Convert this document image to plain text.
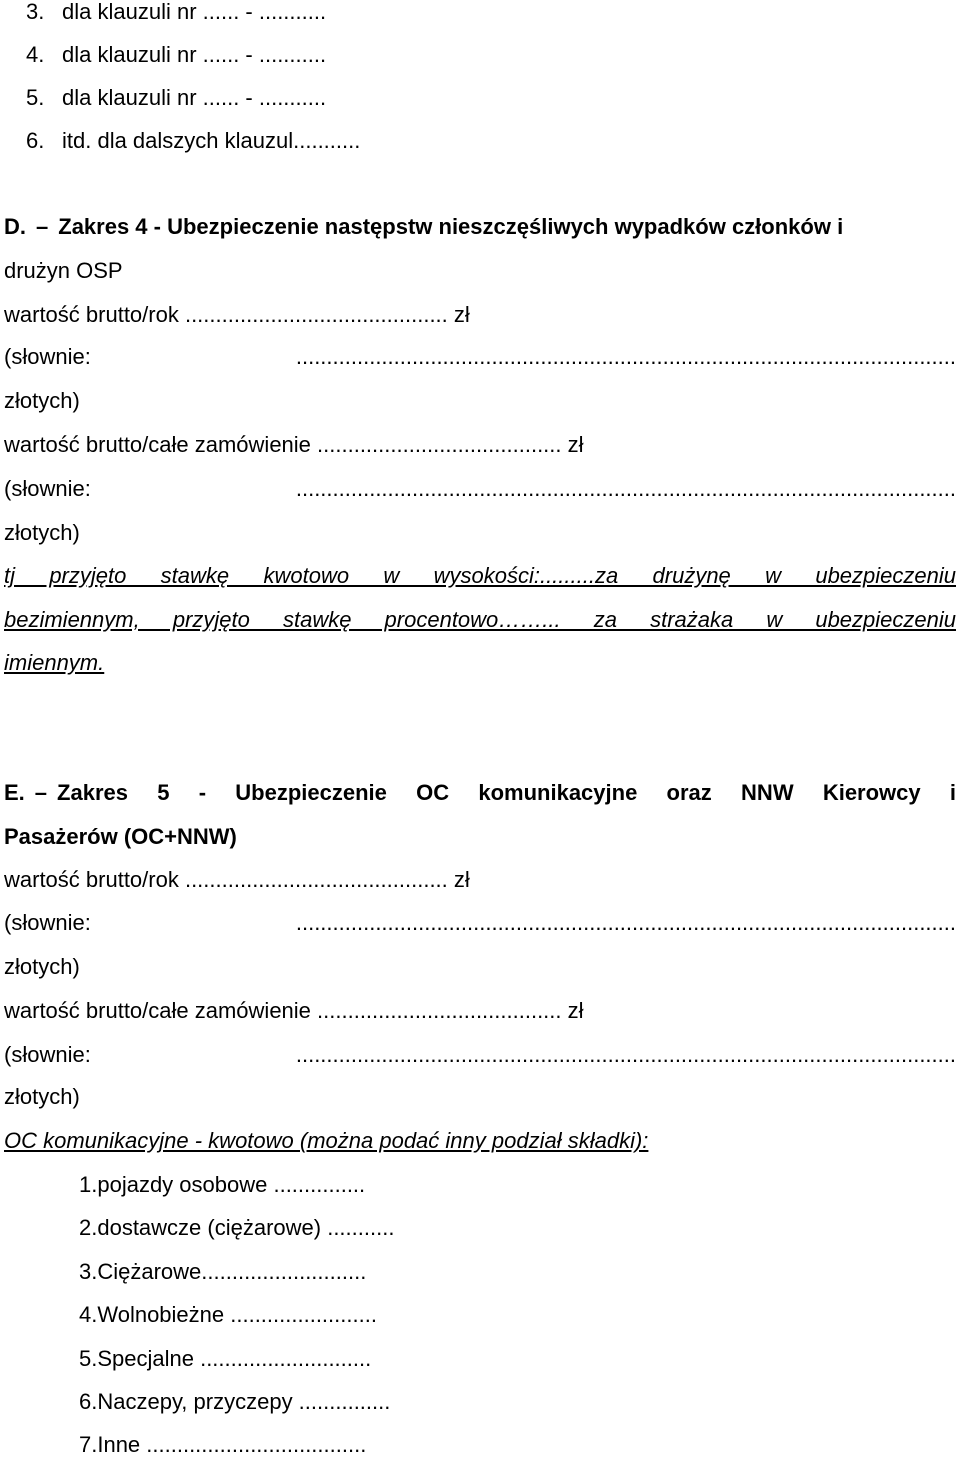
3. dla klauzuli nr ...... - ...........
4. dla klauzuli nr ...... - ...........
5. dla klauzuli nr ...... - ...........
6. itd. dla dalszych klauzul...........
D. – Zakres 4 - Ubezpieczenie następstw nieszczęśliwych wypadków członków i
drużyn OSP
wartość brutto/rok ........................................... zł
(słownie:	............................................................................................................
złotych)
wartość brutto/całe zamówienie ........................................ zł
(słownie:	............................................................................................................
złotych)
tj przyjęto stawkę kwotowo w wysokości:.........za drużynę w ubezpieczeniu
bezimiennym, przyjęto stawkę procentowo……... za strażaka w ubezpieczeniu
imiennym.
E. – Zakres 5 - Ubezpieczenie OC komunikacyjne oraz NNW Kierowcy i
Pasażerów (OC+NNW)
wartość brutto/rok ........................................... zł
(słownie:	............................................................................................................
złotych)
wartość brutto/całe zamówienie ........................................ zł
(słownie:	............................................................................................................
złotych)
OC komunikacyjne - kwotowo (można podać inny podział składki):
1.pojazdy osobowe ...............
2.dostawcze (ciężarowe) ...........
3.Ciężarowe...........................
4.Wolnobieżne ........................
5.Specjalne ............................
6.Naczepy, przyczepy ...............
7.Inne ....................................
